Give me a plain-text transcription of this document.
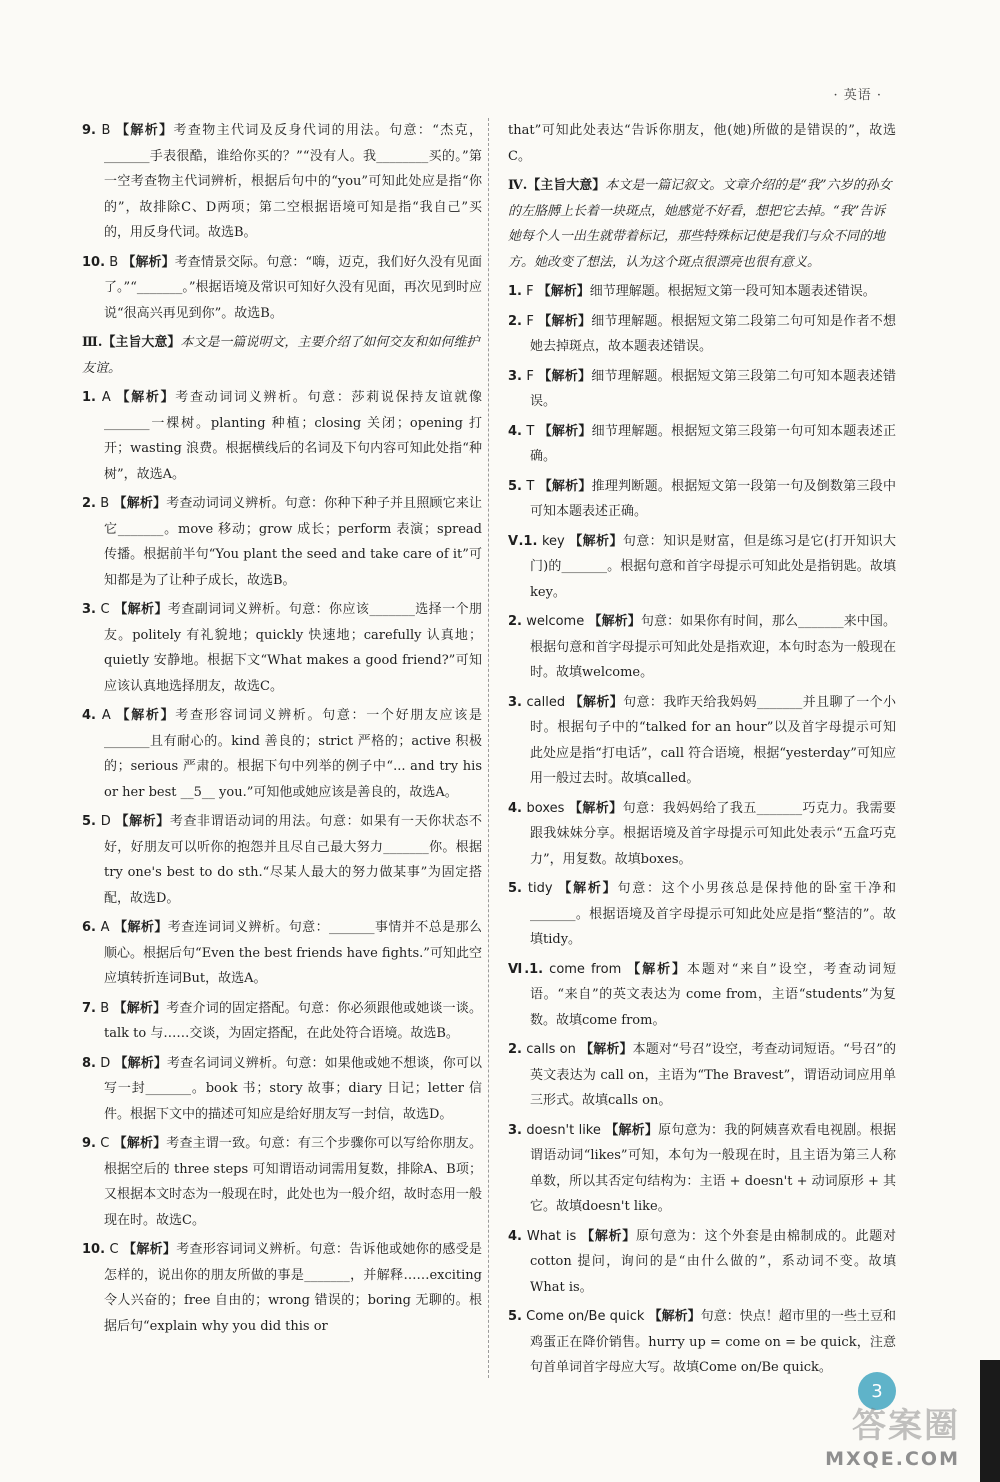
· 英语 ·
9. B 【解析】考查物主代词及反身代词的用法。句意：“杰克，_______手表很酷，谁给你买的？”“没有人。我________买的。”第一空考查物主代词辨析，根据后句中的“you”可知此处应是指“你的”，故排除C、D两项；第二空根据语境可知是指“我自己”买的，用反身代词。故选B。
10. B 【解析】考查情景交际。句意：“嗨，迈克，我们好久没有见面了。”“_______。”根据语境及常识可知好久没有见面，再次见到时应说“很高兴再见到你”。故选B。
Ⅲ.【主旨大意】本文是一篇说明文，主要介绍了如何交友和如何维护友谊。
1. A 【解析】考查动词词义辨析。句意：莎莉说保持友谊就像_______一棵树。planting 种植；closing 关闭；opening 打开；wasting 浪费。根据横线后的名词及下句内容可知此处指“种树”，故选A。
2. B 【解析】考查动词词义辨析。句意：你种下种子并且照顾它来让它_______。move 移动；grow 成长；perform 表演；spread 传播。根据前半句“You plant the seed and take care of it”可知都是为了让种子成长，故选B。
3. C 【解析】考查副词词义辨析。句意：你应该_______选择一个朋友。politely 有礼貌地；quickly 快速地；carefully 认真地；quietly 安静地。根据下文“What makes a good friend?”可知应该认真地选择朋友，故选C。
4. A 【解析】考查形容词词义辨析。句意：一个好朋友应该是_______且有耐心的。kind 善良的；strict 严格的；active 积极的；serious 严肃的。根据下句中列举的例子中“... and try his or her best __5__ you.”可知他或她应该是善良的，故选A。
5. D 【解析】考查非谓语动词的用法。句意：如果有一天你状态不好，好朋友可以听你的抱怨并且尽自己最大努力_______你。根据 try one's best to do sth.“尽某人最大的努力做某事”为固定搭配，故选D。
6. A 【解析】考查连词词义辨析。句意：_______事情并不总是那么顺心。根据后句“Even the best friends have fights.”可知此空应填转折连词But，故选A。
7. B 【解析】考查介词的固定搭配。句意：你必须跟他或她谈一谈。talk to 与……交谈，为固定搭配，在此处符合语境。故选B。
8. D 【解析】考查名词词义辨析。句意：如果他或她不想谈，你可以写一封_______。book 书；story 故事；diary 日记；letter 信件。根据下文中的描述可知应是给好朋友写一封信，故选D。
9. C 【解析】考查主谓一致。句意：有三个步骤你可以写给你朋友。根据空后的 three steps 可知谓语动词需用复数，排除A、B项；又根据本文时态为一般现在时，此处也为一般介绍，故时态用一般现在时。故选C。
10. C 【解析】考查形容词词义辨析。句意：告诉他或她你的感受是怎样的，说出你的朋友所做的事是_______，并解释……exciting 令人兴奋的；free 自由的；wrong 错误的；boring 无聊的。根据后句“explain why you did this or
that”可知此处表达“告诉你朋友，他(她)所做的是错误的”，故选C。
Ⅳ.【主旨大意】本文是一篇记叙文。文章介绍的是“我”六岁的孙女的左胳膊上长着一块斑点，她感觉不好看，想把它去掉。“我”告诉她每个人一出生就带着标记，那些特殊标记使是我们与众不同的地方。她改变了想法，认为这个斑点很漂亮也很有意义。
1. F 【解析】细节理解题。根据短文第一段可知本题表述错误。
2. F 【解析】细节理解题。根据短文第二段第二句可知是作者不想她去掉斑点，故本题表述错误。
3. F 【解析】细节理解题。根据短文第三段第二句可知本题表述错误。
4. T 【解析】细节理解题。根据短文第三段第一句可知本题表述正确。
5. T 【解析】推理判断题。根据短文第一段第一句及倒数第三段中可知本题表述正确。
Ⅴ.1. key 【解析】句意：知识是财富，但是练习是它(打开知识大门)的_______。根据句意和首字母提示可知此处是指钥匙。故填key。
2. welcome 【解析】句意：如果你有时间，那么_______来中国。根据句意和首字母提示可知此处是指欢迎，本句时态为一般现在时。故填welcome。
3. called 【解析】句意：我昨天给我妈妈_______并且聊了一个小时。根据句子中的“talked for an hour”以及首字母提示可知此处应是指“打电话”，call 符合语境，根据“yesterday”可知应用一般过去时。故填called。
4. boxes 【解析】句意：我妈妈给了我五_______巧克力。我需要跟我妹妹分享。根据语境及首字母提示可知此处表示“五盒巧克力”，用复数。故填boxes。
5. tidy 【解析】句意：这个小男孩总是保持他的卧室干净和_______。根据语境及首字母提示可知此处应是指“整洁的”。故填tidy。
Ⅵ.1. come from 【解析】本题对“来自”设空，考查动词短语。“来自”的英文表达为 come from，主语“students”为复数。故填come from。
2. calls on 【解析】本题对“号召”设空，考查动词短语。“号召”的英文表达为 call on，主语为“The Bravest”，谓语动词应用单三形式。故填calls on。
3. doesn't like 【解析】原句意为：我的阿姨喜欢看电视剧。根据谓语动词“likes”可知，本句为一般现在时，且主语为第三人称单数，所以其否定句结构为：主语 + doesn't + 动词原形 + 其它。故填doesn't like。
4. What is 【解析】原句意为：这个外套是由棉制成的。此题对 cotton 提问，询问的是“由什么做的”，系动词不变。故填What is。
5. Come on/Be quick 【解析】句意：快点！超市里的一些土豆和鸡蛋正在降价销售。hurry up = come on = be quick，注意句首单词首字母应大写。故填Come on/Be quick。
3
答案圈
MXQE.COM
